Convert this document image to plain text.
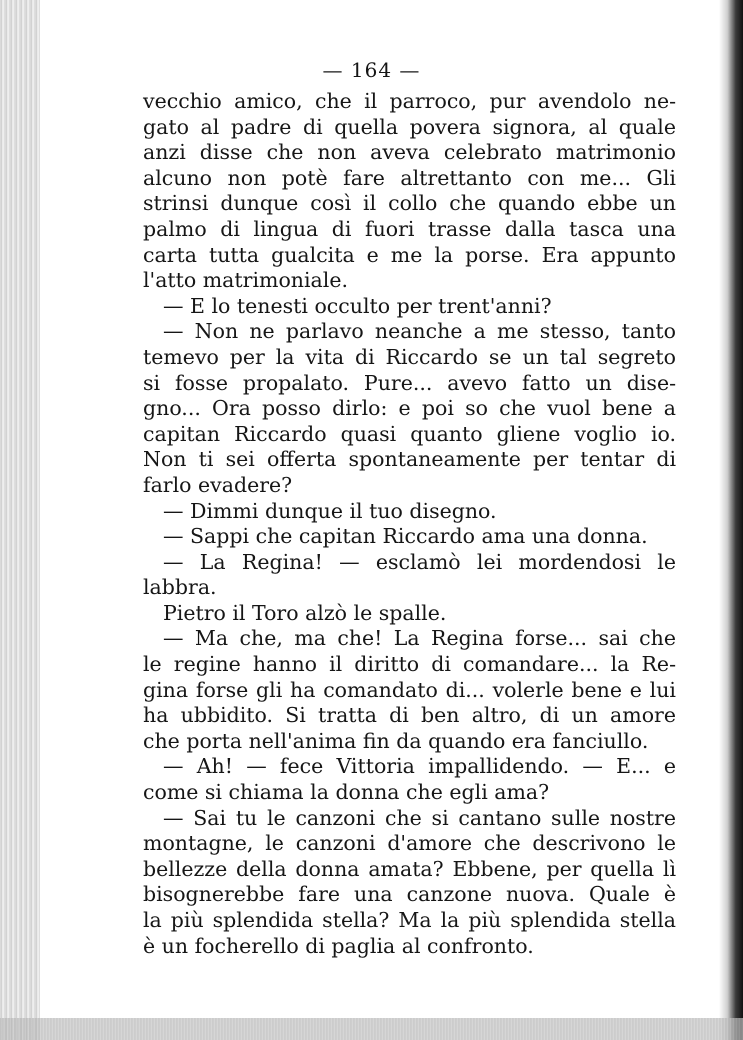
— 164 —
vecchio amico, che il parroco, pur avendolo ne-
gato al padre di quella povera signora, al quale
anzi disse che non aveva celebrato matrimonio
alcuno non potè fare altrettanto con me... Gli
strinsi dunque così il collo che quando ebbe un
palmo di lingua di fuori trasse dalla tasca una
carta tutta gualcita e me la porse. Era appunto
l'atto matrimoniale.
— E lo tenesti occulto per trent'anni?
— Non ne parlavo neanche a me stesso, tanto
temevo per la vita di Riccardo se un tal segreto
si fosse propalato. Pure... avevo fatto un dise-
gno... Ora posso dirlo: e poi so che vuol bene a
capitan Riccardo quasi quanto gliene voglio io.
Non ti sei offerta spontaneamente per tentar di
farlo evadere?
— Dimmi dunque il tuo disegno.
— Sappi che capitan Riccardo ama una donna.
— La Regina! — esclamò lei mordendosi le
labbra.
Pietro il Toro alzò le spalle.
— Ma che, ma che! La Regina forse... sai che
le regine hanno il diritto di comandare... la Re-
gina forse gli ha comandato di... volerle bene e lui
ha ubbidito. Si tratta di ben altro, di un amore
che porta nell'anima fin da quando era fanciullo.
— Ah! — fece Vittoria impallidendo. — E... e
come si chiama la donna che egli ama?
— Sai tu le canzoni che si cantano sulle nostre
montagne, le canzoni d'amore che descrivono le
bellezze della donna amata? Ebbene, per quella lì
bisognerebbe fare una canzone nuova. Quale è
la più splendida stella? Ma la più splendida stella
è un focherello di paglia al confronto.
